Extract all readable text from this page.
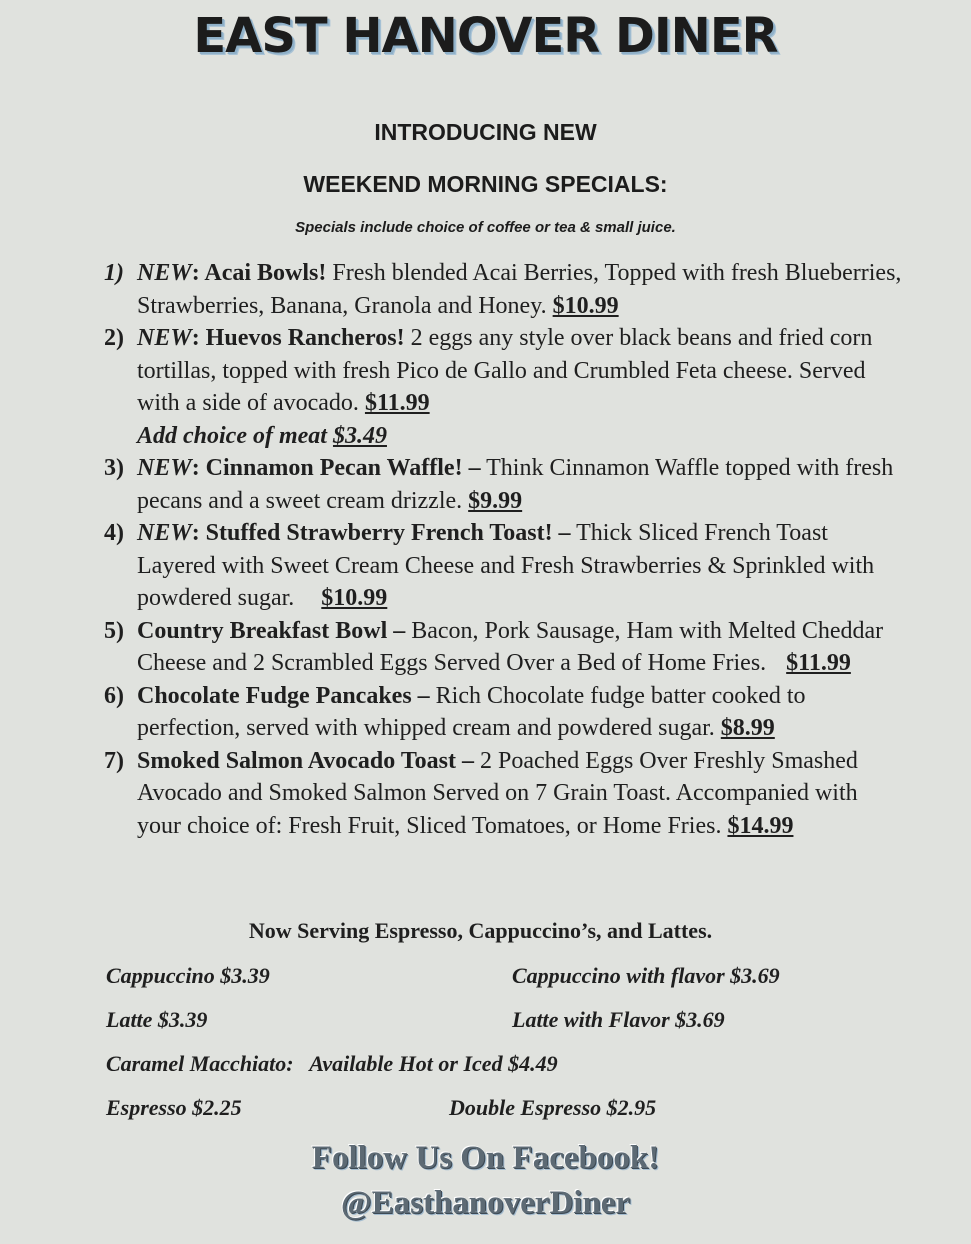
EAST HANOVER DINER
INTRODUCING NEW
WEEKEND MORNING SPECIALS:
Specials include choice of coffee or tea & small juice.
1) NEW: Acai Bowls! Fresh blended Acai Berries, Topped with fresh Blueberries, Strawberries, Banana, Granola and Honey. $10.99
2) NEW: Huevos Rancheros! 2 eggs any style over black beans and fried corn tortillas, topped with fresh Pico de Gallo and Crumbled Feta cheese. Served with a side of avocado. $11.99
Add choice of meat $3.49
3) NEW: Cinnamon Pecan Waffle! – Think Cinnamon Waffle topped with fresh pecans and a sweet cream drizzle. $9.99
4) NEW: Stuffed Strawberry French Toast! – Thick Sliced French Toast Layered with Sweet Cream Cheese and Fresh Strawberries & Sprinkled with powdered sugar. $10.99
5) Country Breakfast Bowl – Bacon, Pork Sausage, Ham with Melted Cheddar Cheese and 2 Scrambled Eggs Served Over a Bed of Home Fries. $11.99
6) Chocolate Fudge Pancakes – Rich Chocolate fudge batter cooked to perfection, served with whipped cream and powdered sugar. $8.99
7) Smoked Salmon Avocado Toast – 2 Poached Eggs Over Freshly Smashed Avocado and Smoked Salmon Served on 7 Grain Toast. Accompanied with your choice of: Fresh Fruit, Sliced Tomatoes, or Home Fries. $14.99
Now Serving Espresso, Cappuccino’s, and Lattes.
Cappuccino $3.39	Cappuccino with flavor $3.69
Latte $3.39	Latte with Flavor $3.69
Caramel Macchiato:   Available Hot or Iced $4.49
Espresso $2.25	Double Espresso $2.95
Follow Us On Facebook!
@EasthanoverDiner
